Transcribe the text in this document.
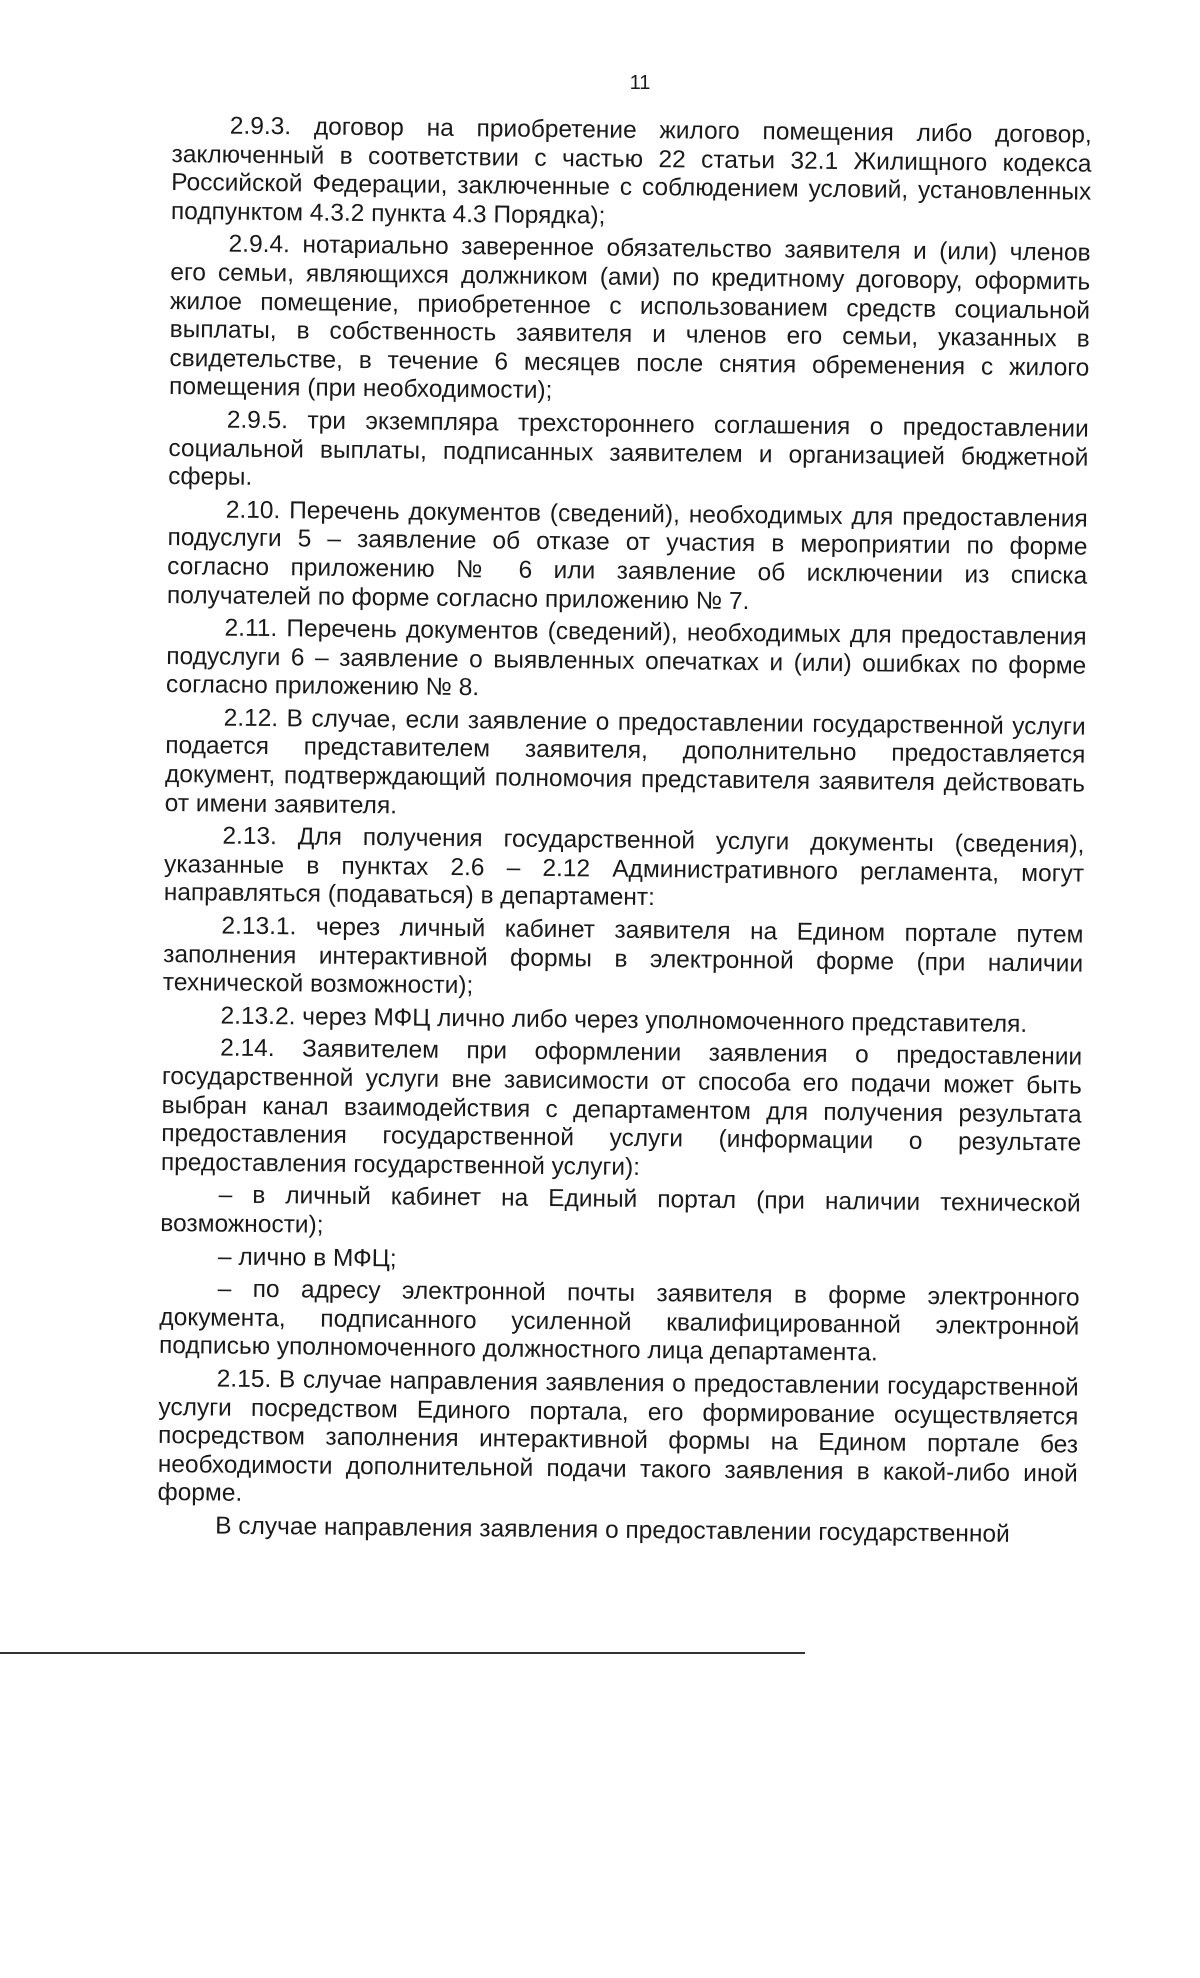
11

2.9.3. договор на приобретение жилого помещения либо договор, заключенный в соответствии с частью 22 статьи 32.1 Жилищного кодекса Российской Федерации, заключенные с соблюдением условий, установленных подпунктом 4.3.2 пункта 4.3 Порядка);

2.9.4. нотариально заверенное обязательство заявителя и (или) членов его семьи, являющихся должником (ами) по кредитному договору, оформить жилое помещение, приобретенное с использованием средств социальной выплаты, в собственность заявителя и членов его семьи, указанных в свидетельстве, в течение 6 месяцев после снятия обременения с жилого помещения (при необходимости);

2.9.5. три экземпляра трехстороннего соглашения о предоставлении социальной выплаты, подписанных заявителем и организацией бюджетной сферы.

2.10. Перечень документов (сведений), необходимых для предоставления подуслуги 5 – заявление об отказе от участия в мероприятии по форме согласно приложению № 6 или заявление об исключении из списка получателей по форме согласно приложению № 7.

2.11. Перечень документов (сведений), необходимых для предоставления подуслуги 6 – заявление о выявленных опечатках и (или) ошибках по форме согласно приложению № 8.

2.12. В случае, если заявление о предоставлении государственной услуги подается представителем заявителя, дополнительно предоставляется документ, подтверждающий полномочия представителя заявителя действовать от имени заявителя.

2.13. Для получения государственной услуги документы (сведения), указанные в пунктах 2.6 – 2.12 Административного регламента, могут направляться (подаваться) в департамент:

2.13.1. через личный кабинет заявителя на Едином портале путем заполнения интерактивной формы в электронной форме (при наличии технической возможности);

2.13.2. через МФЦ лично либо через уполномоченного представителя.

2.14. Заявителем при оформлении заявления о предоставлении государственной услуги вне зависимости от способа его подачи может быть выбран канал взаимодействия с департаментом для получения результата предоставления государственной услуги (информации о результате предоставления государственной услуги):

– в личный кабинет на Единый портал (при наличии технической возможности);

– лично в МФЦ;

– по адресу электронной почты заявителя в форме электронного документа, подписанного усиленной квалифицированной электронной подписью уполномоченного должностного лица департамента.

2.15. В случае направления заявления о предоставлении государственной услуги посредством Единого портала, его формирование осуществляется посредством заполнения интерактивной формы на Едином портале без необходимости дополнительной подачи такого заявления в какой-либо иной форме.

В случае направления заявления о предоставлении государственной
